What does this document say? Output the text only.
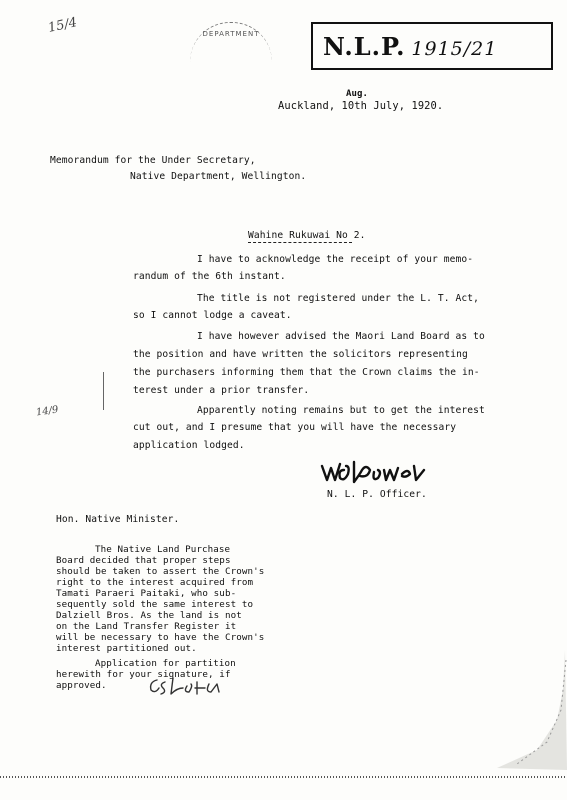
15/4	DEPARTMENT	N.L.P. 1915/21
Aug.
Auckland, 10th July, 1920.
Memorandum for the Under Secretary,
Native Department, Wellington.
Wahine Rukuwai No 2.
I have to acknowledge the receipt of your memo-
randum of the 6th instant.
The title is not registered under the L. T. Act,
so I cannot lodge a caveat.
I have however advised the Maori Land Board as to
the position and have written the solicitors representing
the purchasers informing them that the Crown claims the in-
terest under a prior transfer.
Apparently noting remains but to get the interest
cut out, and I presume that you will have the necessary
application lodged.
14/9
N. L. P. Officer.
Hon. Native Minister.
The Native Land Purchase
Board decided that proper steps
should be taken to assert the Crown's
right to the interest acquired from
Tamati Paraeri Paitaki, who sub-
sequently sold the same interest to
Dalziell Bros. As the land is not
on the Land Transfer Register it
will be necessary to have the Crown's
interest partitioned out.
Application for partition
herewith for your signature, if
approved.
